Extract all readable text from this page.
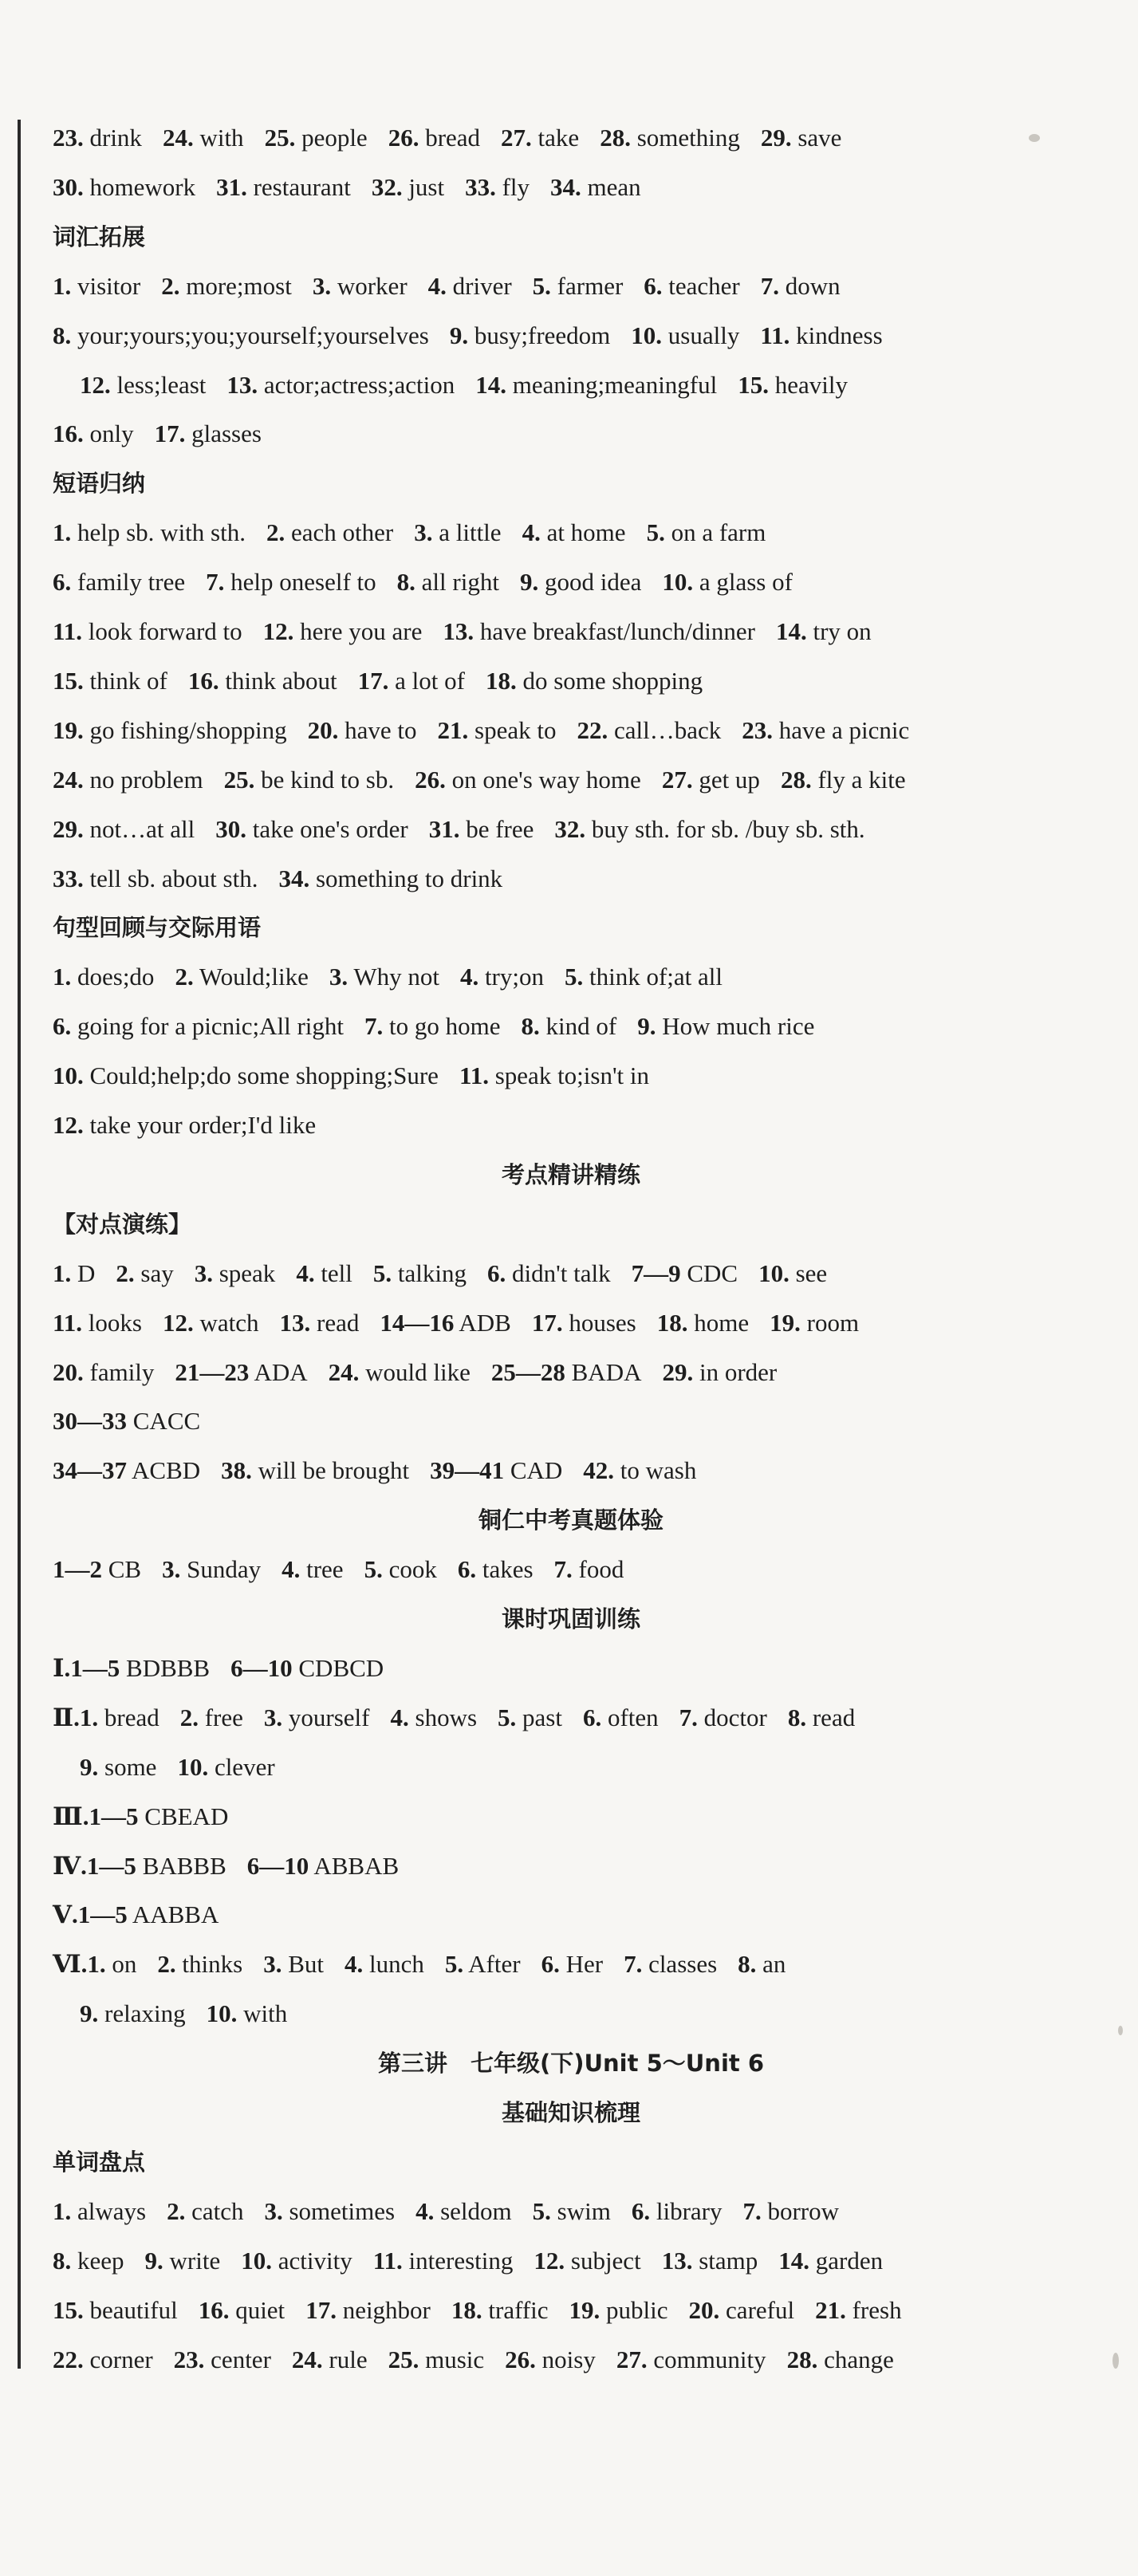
23. drink 24. with 25. people 26. bread 27. take 28. something 29. save
30. homework 31. restaurant 32. just 33. fly 34. mean
词汇拓展
1. visitor 2. more;most 3. worker 4. driver 5. farmer 6. teacher 7. down
8. your;yours;you;yourself;yourselves 9. busy;freedom 10. usually 11. kindness
12. less;least 13. actor;actress;action 14. meaning;meaningful 15. heavily
16. only 17. glasses
短语归纳
1. help sb. with sth. 2. each other 3. a little 4. at home 5. on a farm
6. family tree 7. help oneself to 8. all right 9. good idea 10. a glass of
11. look forward to 12. here you are 13. have breakfast/lunch/dinner 14. try on
15. think of 16. think about 17. a lot of 18. do some shopping
19. go fishing/shopping 20. have to 21. speak to 22. call…back 23. have a picnic
24. no problem 25. be kind to sb. 26. on one's way home 27. get up 28. fly a kite
29. not…at all 30. take one's order 31. be free 32. buy sth. for sb. /buy sb. sth.
33. tell sb. about sth. 34. something to drink
句型回顾与交际用语
1. does;do 2. Would;like 3. Why not 4. try;on 5. think of;at all
6. going for a picnic;All right 7. to go home 8. kind of 9. How much rice
10. Could;help;do some shopping;Sure 11. speak to;isn't in
12. take your order;I'd like
考点精讲精练
【对点演练】
1. D 2. say 3. speak 4. tell 5. talking 6. didn't talk 7—9 CDC 10. see
11. looks 12. watch 13. read 14—16 ADB 17. houses 18. home 19. room
20. family 21—23 ADA 24. would like 25—28 BADA 29. in order
30—33 CACC
34—37 ACBD 38. will be brought 39—41 CAD 42. to wash
铜仁中考真题体验
1—2 CB 3. Sunday 4. tree 5. cook 6. takes 7. food
课时巩固训练
Ⅰ.1—5 BDBBB 6—10 CDBCD
Ⅱ.1. bread 2. free 3. yourself 4. shows 5. past 6. often 7. doctor 8. read
9. some 10. clever
Ⅲ.1—5 CBEAD
Ⅳ.1—5 BABBB 6—10 ABBAB
Ⅴ.1—5 AABBA
Ⅵ.1. on 2. thinks 3. But 4. lunch 5. After 6. Her 7. classes 8. an
9. relaxing 10. with
第三讲　七年级(下)Unit 5～Unit 6
基础知识梳理
单词盘点
1. always 2. catch 3. sometimes 4. seldom 5. swim 6. library 7. borrow
8. keep 9. write 10. activity 11. interesting 12. subject 13. stamp 14. garden
15. beautiful 16. quiet 17. neighbor 18. traffic 19. public 20. careful 21. fresh
22. corner 23. center 24. rule 25. music 26. noisy 27. community 28. change
